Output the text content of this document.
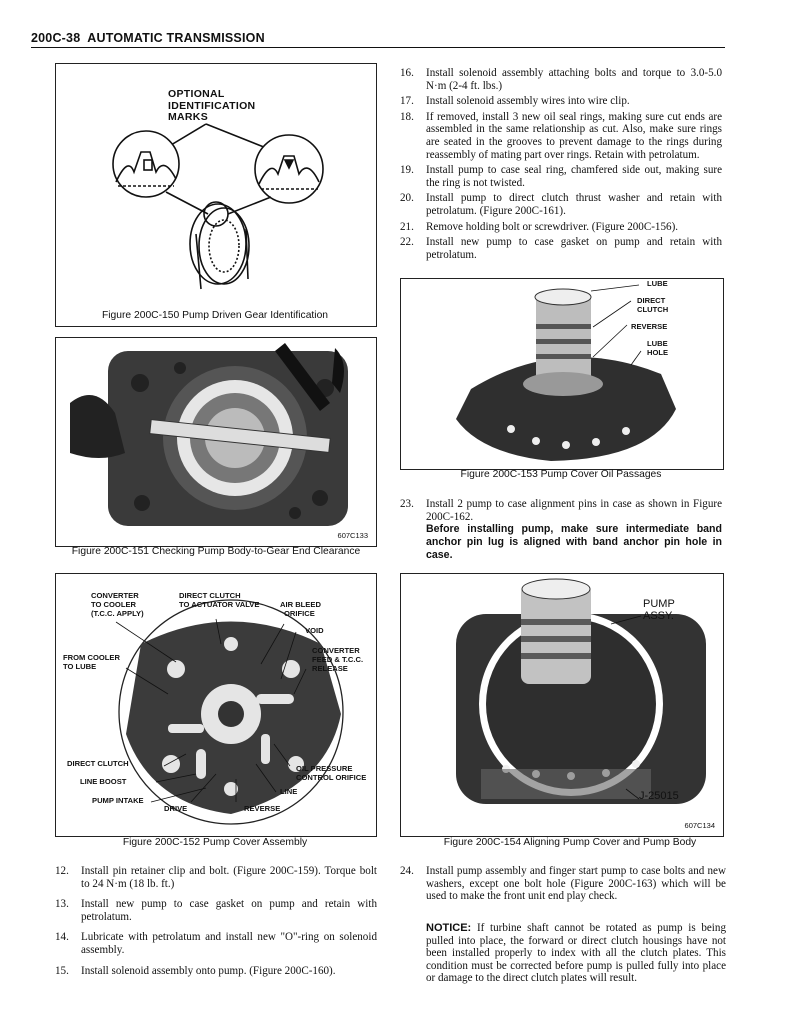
200C-38 AUTOMATIC TRANSMISSION
OPTIONAL
IDENTIFICATION
MARKS
Figure 200C-150 Pump Driven Gear Identification
607C133
Figure 200C-151 Checking Pump Body-to-Gear End Clearance
CONVERTER
TO COOLER
(T.C.C. APPLY)
DIRECT CLUTCH
TO ACTUATOR VALVE	AIR BLEED
ORIFICE
VOID
CONVERTER
FEED & T.C.C.
RELEASE
FROM COOLER
TO LUBE
DIRECT CLUTCH
LINE BOOST
PUMP INTAKE
DRIVE	REVERSE
LINE
OIL PRESSURE
CONTROL ORIFICE
Figure 200C-152 Pump Cover Assembly
16. Install solenoid assembly attaching bolts and torque to 3.0-5.0 N·m (2-4 ft. lbs.)
17. Install solenoid assembly wires into wire clip.
18. If removed, install 3 new oil seal rings, making sure cut ends are assembled in the same relationship as cut. Also, make sure rings are seated in the grooves to prevent damage to the rings during reassembly of mating part over rings. Retain with petrolatum.
19. Install pump to case seal ring, chamfered side out, making sure the ring is not twisted.
20. Install pump to direct clutch thrust washer and retain with petrolatum. (Figure 200C-161).
21. Remove holding bolt or screwdriver. (Figure 200C-156).
22. Install new pump to case gasket on pump and retain with petrolatum.
LUBE
DIRECT
CLUTCH
REVERSE
LUBE
HOLE
Figure 200C-153 Pump Cover Oil Passages
23. Install 2 pump to case alignment pins in case as shown in Figure 200C-162.
Before installing pump, make sure intermediate band anchor pin lug is aligned with band anchor pin hole in case.
PUMP
ASSY.
J-25015
607C134
Figure 200C-154 Aligning Pump Cover and Pump Body
12. Install pin retainer clip and bolt. (Figure 200C-159). Torque bolt to 24 N·m (18 lb. ft.)
13. Install new pump to case gasket on pump and retain with petrolatum.
14. Lubricate with petrolatum and install new "O"-ring on solenoid assembly.
15. Install solenoid assembly onto pump. (Figure 200C-160).
24. Install pump assembly and finger start pump to case bolts and new washers, except one bolt hole (Figure 200C-163) which will be used to make the front unit end play check.
NOTICE: If turbine shaft cannot be rotated as pump is being pulled into place, the forward or direct clutch housings have not been installed properly to index with all the clutch plates. This condition must be corrected before pump is pulled fully into place or damage to the direct clutch plates will result.
